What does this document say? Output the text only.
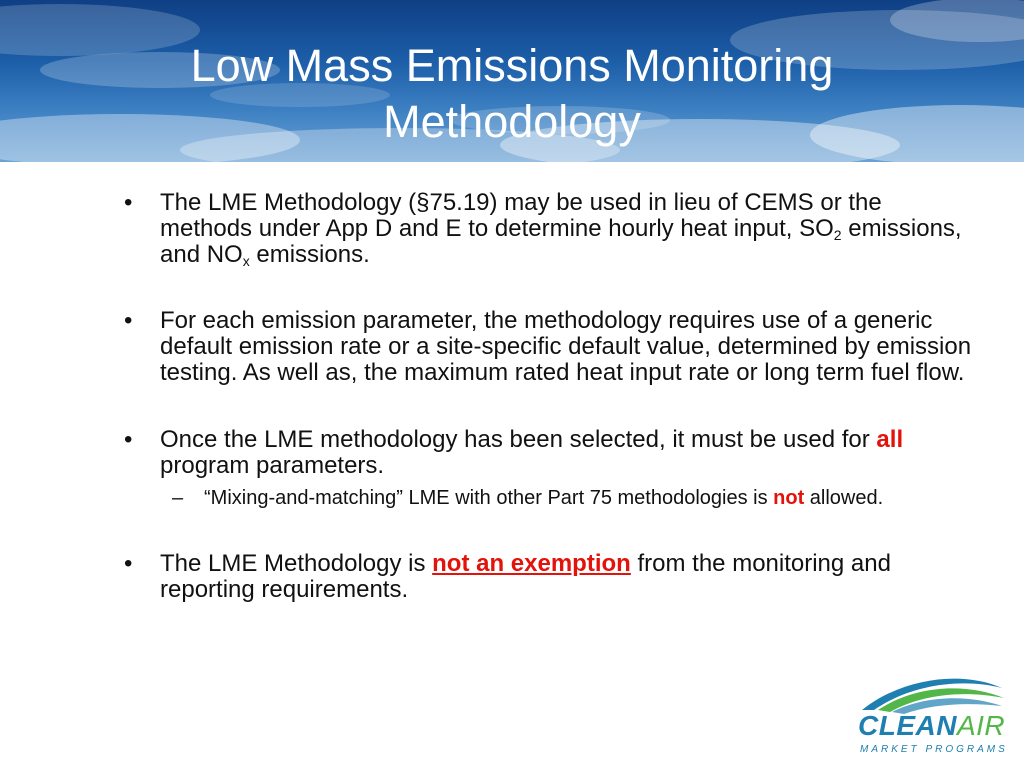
Low Mass Emissions Monitoring
Methodology
• The LME Methodology (§75.19) may be used in lieu of CEMS or the methods under App D and E to determine hourly heat input, $SO_2$ emissions, and $NO_x$ emissions.
• For each emission parameter, the methodology requires use of a generic default emission rate or a site-specific default value, determined by emission testing. As well as, the maximum rated heat input rate or long term fuel flow.
• Once the LME methodology has been selected, it must be used for all program parameters.
– “Mixing-and-matching” LME with other Part 75 methodologies is not allowed.
• The LME Methodology is not an exemption from the monitoring and reporting requirements.
CLEANAIR
MARKET PROGRAMS
